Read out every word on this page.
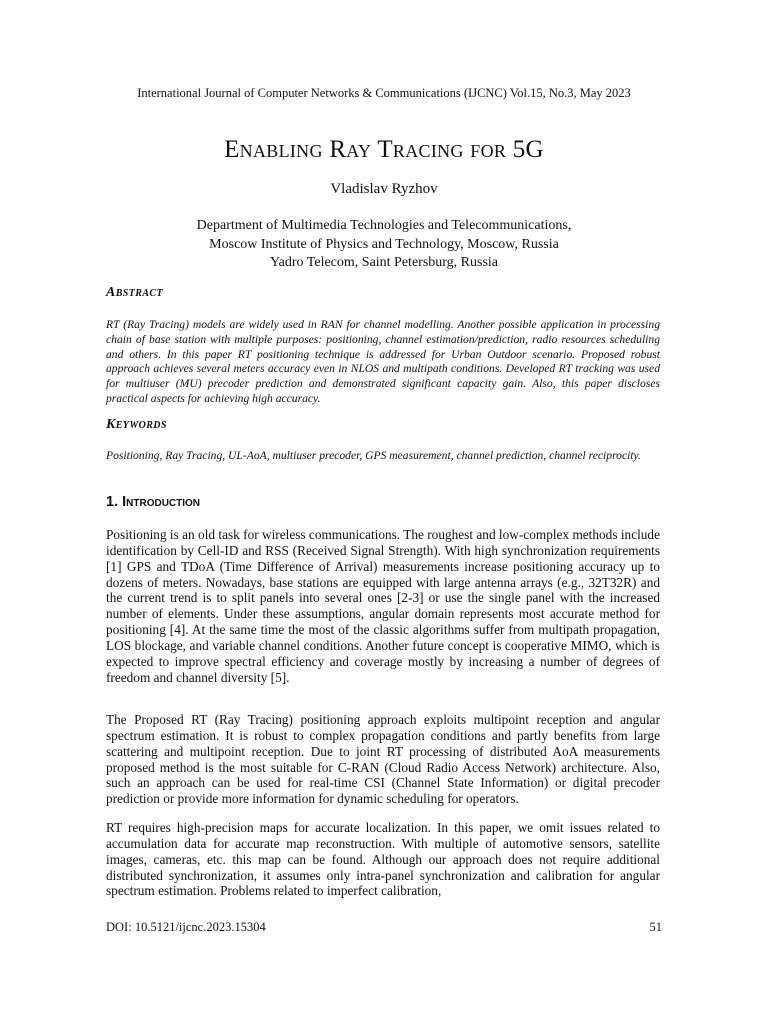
International Journal of Computer Networks & Communications (IJCNC) Vol.15, No.3, May 2023
Enabling Ray Tracing for 5G
Vladislav Ryzhov
Department of Multimedia Technologies and Telecommunications,
Moscow Institute of Physics and Technology, Moscow, Russia
Yadro Telecom, Saint Petersburg, Russia
Abstract
RT (Ray Tracing) models are widely used in RAN for channel modelling. Another possible application in processing chain of base station with multiple purposes: positioning, channel estimation/prediction, radio resources scheduling and others. In this paper RT positioning technique is addressed for Urban Outdoor scenario. Proposed robust approach achieves several meters accuracy even in NLOS and multipath conditions. Developed RT tracking was used for multiuser (MU) precoder prediction and demonstrated significant capacity gain. Also, this paper discloses practical aspects for achieving high accuracy.
Keywords
Positioning, Ray Tracing, UL-AoA, multiuser precoder, GPS measurement, channel prediction, channel reciprocity.
1. Introduction
Positioning is an old task for wireless communications. The roughest and low-complex methods include identification by Cell-ID and RSS (Received Signal Strength). With high synchronization requirements [1] GPS and TDoA (Time Difference of Arrival) measurements increase positioning accuracy up to dozens of meters. Nowadays, base stations are equipped with large antenna arrays (e.g., 32T32R) and the current trend is to split panels into several ones [2-3] or use the single panel with the increased number of elements. Under these assumptions, angular domain represents most accurate method for positioning [4]. At the same time the most of the classic algorithms suffer from multipath propagation, LOS blockage, and variable channel conditions. Another future concept is cooperative MIMO, which is expected to improve spectral efficiency and coverage mostly by increasing a number of degrees of freedom and channel diversity [5].
The Proposed RT (Ray Tracing) positioning approach exploits multipoint reception and angular spectrum estimation. It is robust to complex propagation conditions and partly benefits from large scattering and multipoint reception. Due to joint RT processing of distributed AoA measurements proposed method is the most suitable for C-RAN (Cloud Radio Access Network) architecture. Also, such an approach can be used for real-time CSI (Channel State Information) or digital precoder prediction or provide more information for dynamic scheduling for operators.
RT requires high-precision maps for accurate localization. In this paper, we omit issues related to accumulation data for accurate map reconstruction. With multiple of automotive sensors, satellite images, cameras, etc. this map can be found. Although our approach does not require additional distributed synchronization, it assumes only intra-panel synchronization and calibration for angular spectrum estimation. Problems related to imperfect calibration,
DOI: 10.5121/ijcnc.2023.15304	51
